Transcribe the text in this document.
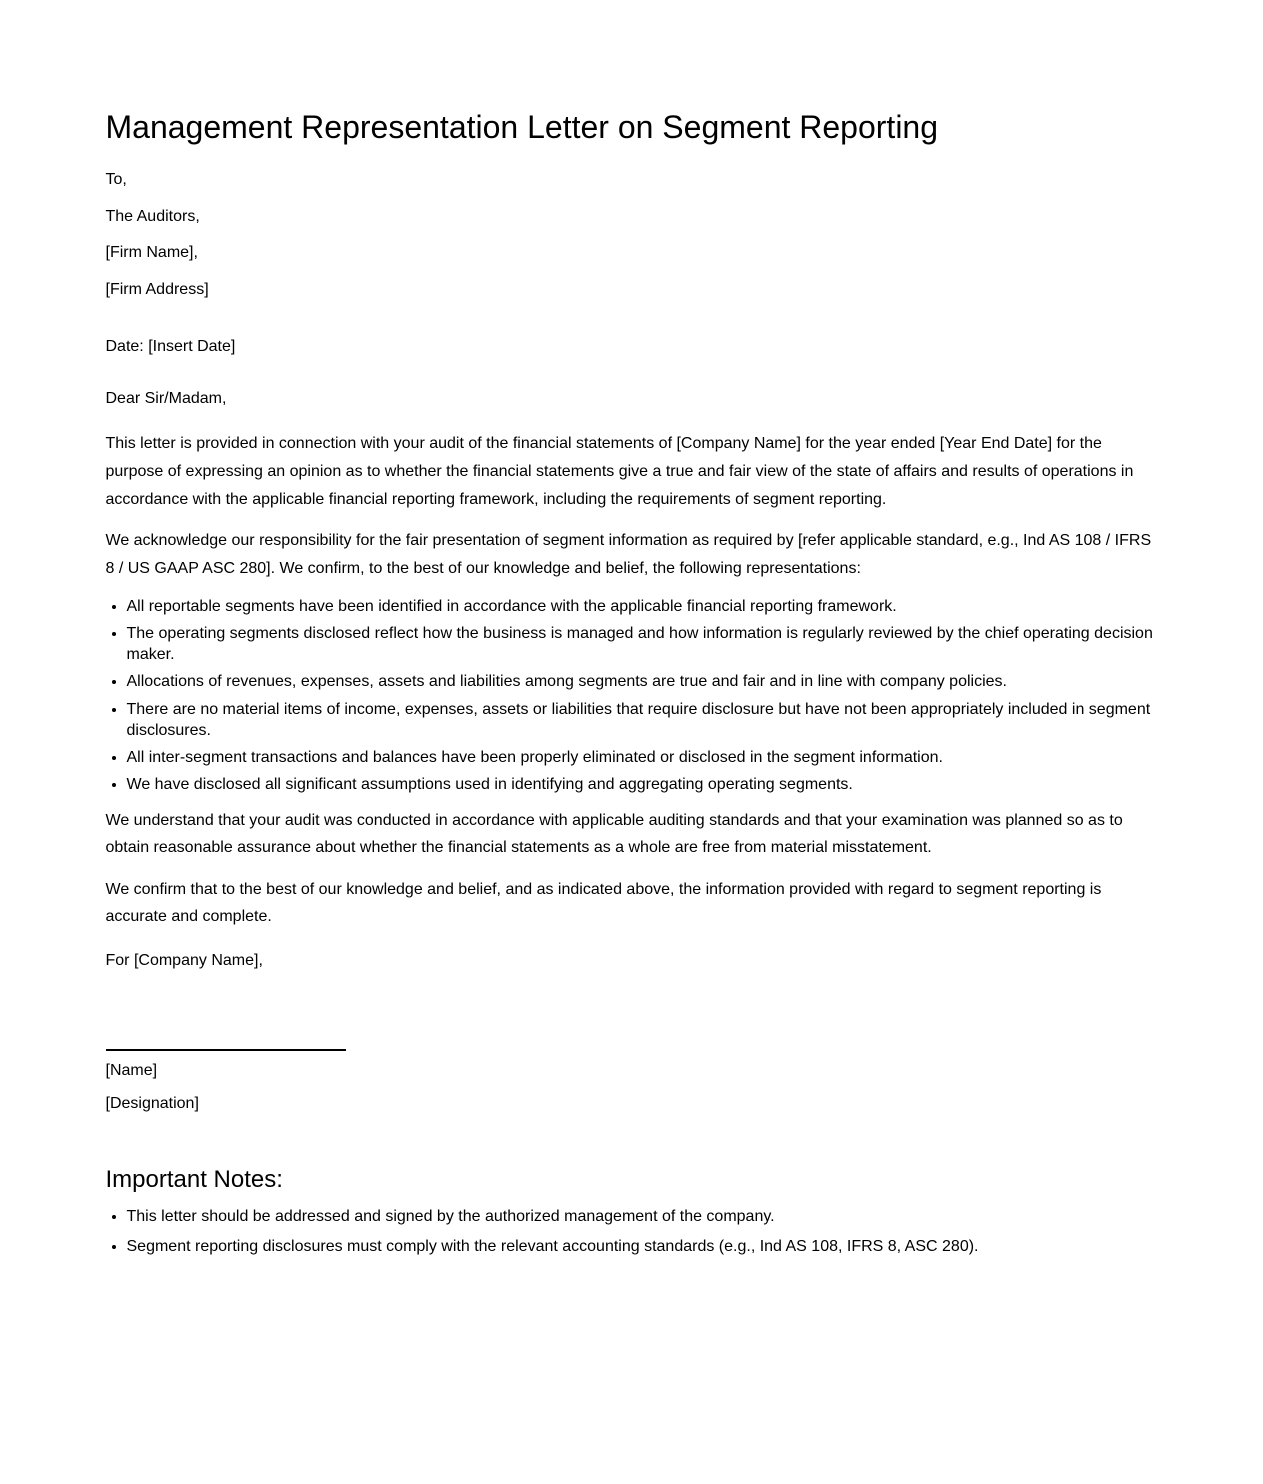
Management Representation Letter on Segment Reporting

To,

The Auditors,

[Firm Name],

[Firm Address]

Date: [Insert Date]

Dear Sir/Madam,

This letter is provided in connection with your audit of the financial statements of [Company Name] for the year ended [Year End Date] for the purpose of expressing an opinion as to whether the financial statements give a true and fair view of the state of affairs and results of operations in accordance with the applicable financial reporting framework, including the requirements of segment reporting.

We acknowledge our responsibility for the fair presentation of segment information as required by [refer applicable standard, e.g., Ind AS 108 / IFRS 8 / US GAAP ASC 280]. We confirm, to the best of our knowledge and belief, the following representations:

• All reportable segments have been identified in accordance with the applicable financial reporting framework.
• The operating segments disclosed reflect how the business is managed and how information is regularly reviewed by the chief operating decision maker.
• Allocations of revenues, expenses, assets and liabilities among segments are true and fair and in line with company policies.
• There are no material items of income, expenses, assets or liabilities that require disclosure but have not been appropriately included in segment disclosures.
• All inter-segment transactions and balances have been properly eliminated or disclosed in the segment information.
• We have disclosed all significant assumptions used in identifying and aggregating operating segments.

We understand that your audit was conducted in accordance with applicable auditing standards and that your examination was planned so as to obtain reasonable assurance about whether the financial statements as a whole are free from material misstatement.

We confirm that to the best of our knowledge and belief, and as indicated above, the information provided with regard to segment reporting is accurate and complete.

For [Company Name],

[Name]

[Designation]

Important Notes:
• This letter should be addressed and signed by the authorized management of the company.
• Segment reporting disclosures must comply with the relevant accounting standards (e.g., Ind AS 108, IFRS 8, ASC 280).
